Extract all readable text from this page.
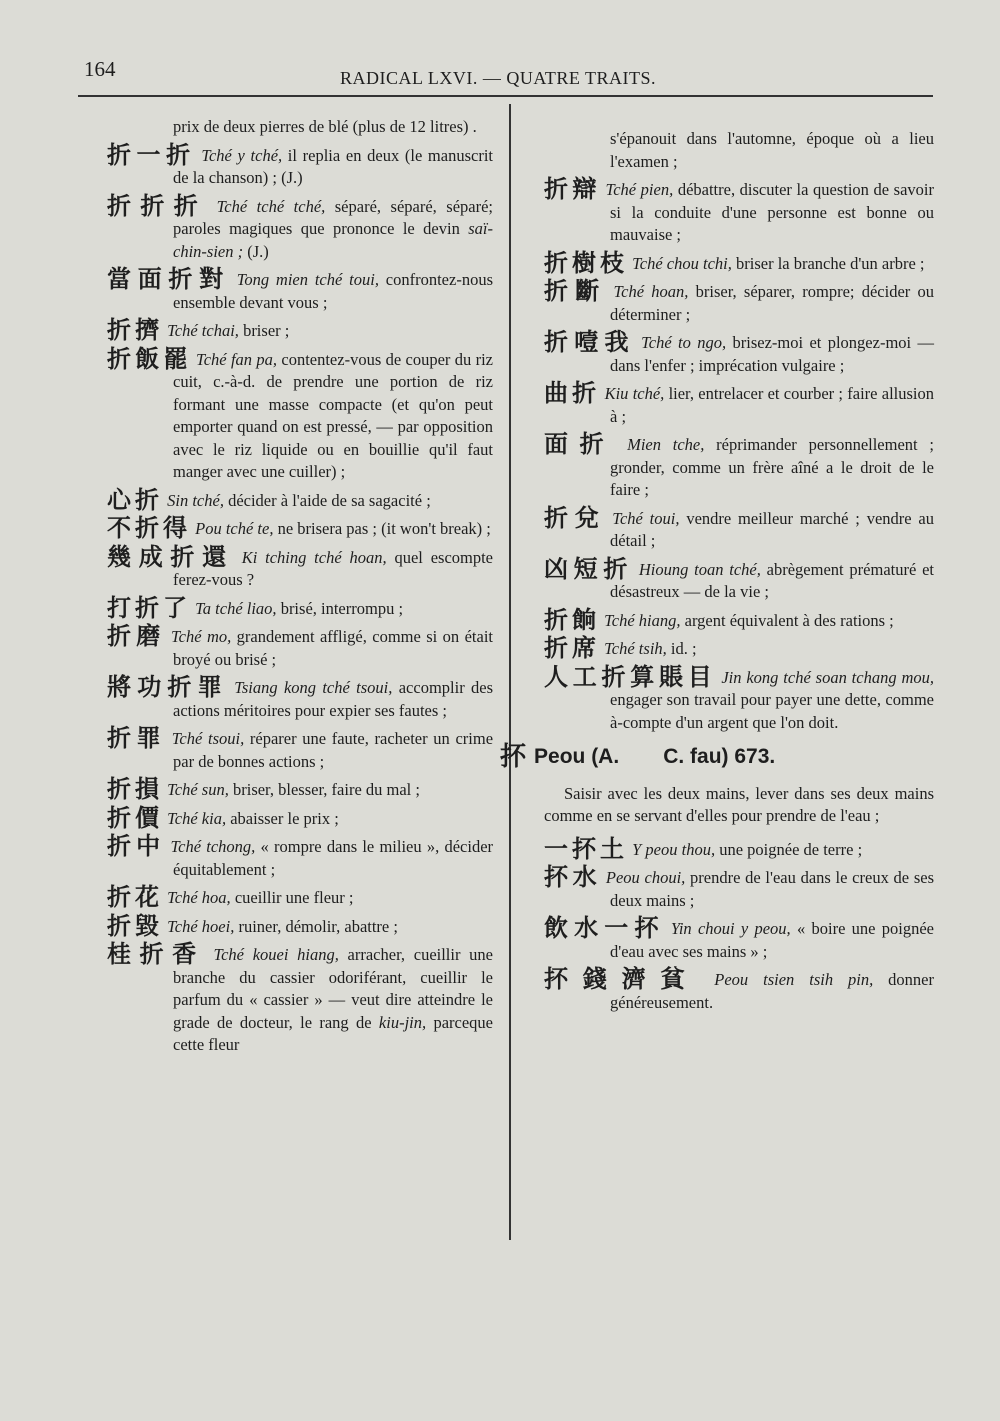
164	RADICAL LXVI. — QUATRE TRAITS.
prix de deux pierres de blé (plus de 12 litres) .
折一折 Tché y tché, il replia en deux (le manuscrit de la chanson) ; (J.)
折折折 Tché tché tché, séparé, séparé, séparé; paroles magiques que prononce le devin saï-chin-sien ; (J.)
當面折對 Tong mien tché toui, confrontez-nous ensemble devant vous ;
折擠 Tché tchai, briser ;
折飯罷 Tché fan pa, contentez-vous de couper du riz cuit, c.-à-d. de prendre une portion de riz formant une masse compacte (et qu'on peut emporter quand on est pressé, — par opposition avec le riz liquide ou en bouillie qu'il faut manger avec une cuiller) ;
心折 Sin tché, décider à l'aide de sa sagacité ;
不折得 Pou tché te, ne brisera pas ; (it won't break) ;
幾成折還 Ki tching tché hoan, quel escompte ferez-vous ?
打折了 Ta tché liao, brisé, interrompu ;
折磨 Tché mo, grandement affligé, comme si on était broyé ou brisé ;
將功折罪 Tsiang kong tché tsoui, accomplir des actions méritoires pour expier ses fautes ;
折罪 Tché tsoui, réparer une faute, racheter un crime par de bonnes actions ;
折損 Tché sun, briser, blesser, faire du mal ;
折價 Tché kia, abaisser le prix ;
折中 Tché tchong, « rompre dans le milieu », décider équitablement ;
折花 Tché hoa, cueillir une fleur ;
折毀 Tché hoei, ruiner, démolir, abattre ;
桂折香 Tché kouei hiang, arracher, cueillir une branche du cassier odoriférant, cueillir le parfum du « cassier » — veut dire atteindre le grade de docteur, le rang de kiu-jin, parceque cette fleur
s'épanouit dans l'automne, époque où a lieu l'examen ;
折辯 Tché pien, débattre, discuter la question de savoir si la conduite d'une personne est bonne ou mauvaise ;
折樹枝 Tché chou tchi, briser la branche d'un arbre ;
折斷 Tché hoan, briser, séparer, rompre; décider ou déterminer ;
折噎我 Tché to ngo, brisez-moi et plongez-moi — dans l'enfer ; imprécation vulgaire ;
曲折 Kiu tché, lier, entrelacer et courber ; faire allusion à ;
面折 Mien tche, réprimander personnellement ; gronder, comme un frère aîné a le droit de le faire ;
折兌 Tché toui, vendre meilleur marché ; vendre au détail ;
凶短折 Hioung toan tché, abrègement prématuré et désastreux — de la vie ;
折餉 Tché hiang, argent équivalent à des rations ;
折席 Tché tsih, id. ;
人工折算賬目 Jin kong tché soan tchang mou, engager son travail pour payer une dette, comme à-compte d'un argent que l'on doit.
抔 Peou (A. C. fau) 673.
Saisir avec les deux mains, lever dans ses deux mains comme en se servant d'elles pour prendre de l'eau ;
一抔土 Y peou thou, une poignée de terre ;
抔水 Peou choui, prendre de l'eau dans le creux de ses deux mains ;
飲水一抔 Yin choui y peou, « boire une poignée d'eau avec ses mains » ;
抔錢濟貧 Peou tsien tsih pin, donner généreusement.
